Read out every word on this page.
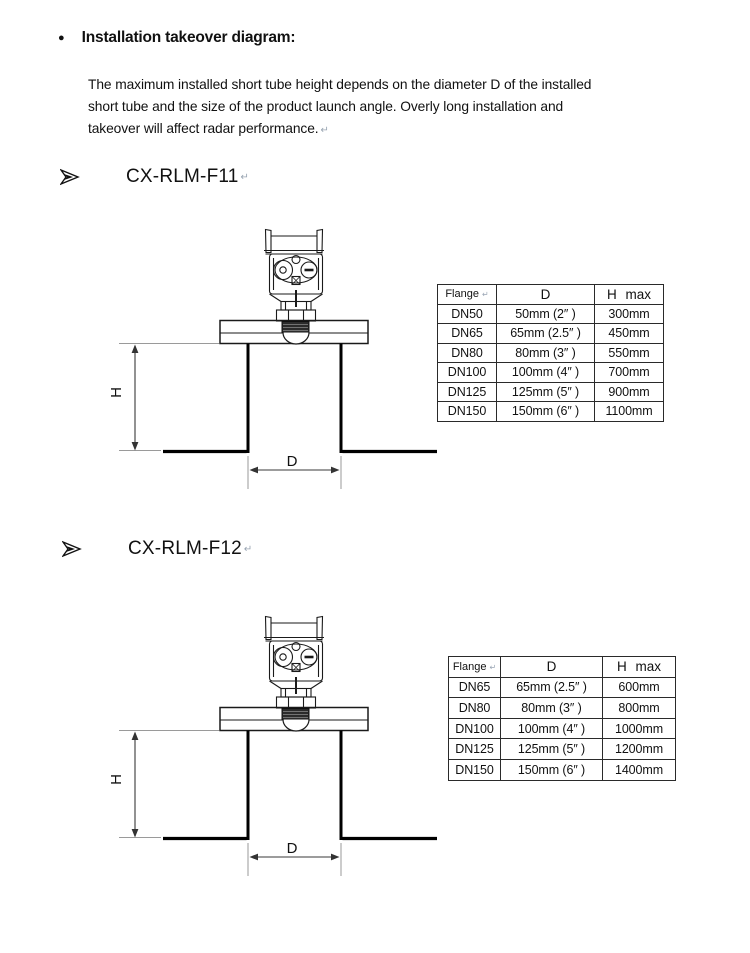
● Installation takeover diagram:
The maximum installed short tube height depends on the diameter D of the installed
short tube and the size of the product launch angle. Overly long installation and
takeover will affect radar performance. ↵
CX-RLM-F11 ↵
H
D
Flange ↵	D	H max
DN50	50mm (2″ )	300mm
DN65	65mm (2.5″ )	450mm
DN80	80mm (3″ )	550mm
DN100	100mm (4″ )	700mm
DN125	125mm (5″ )	900mm
DN150	150mm (6″ )	1100mm
CX-RLM-F12 ↵
H
D
Flange ↵	D	H max
DN65	65mm (2.5″ )	600mm
DN80	80mm (3″ )	800mm
DN100	100mm (4″ )	1000mm
DN125	125mm (5″ )	1200mm
DN150	150mm (6″ )	1400mm
